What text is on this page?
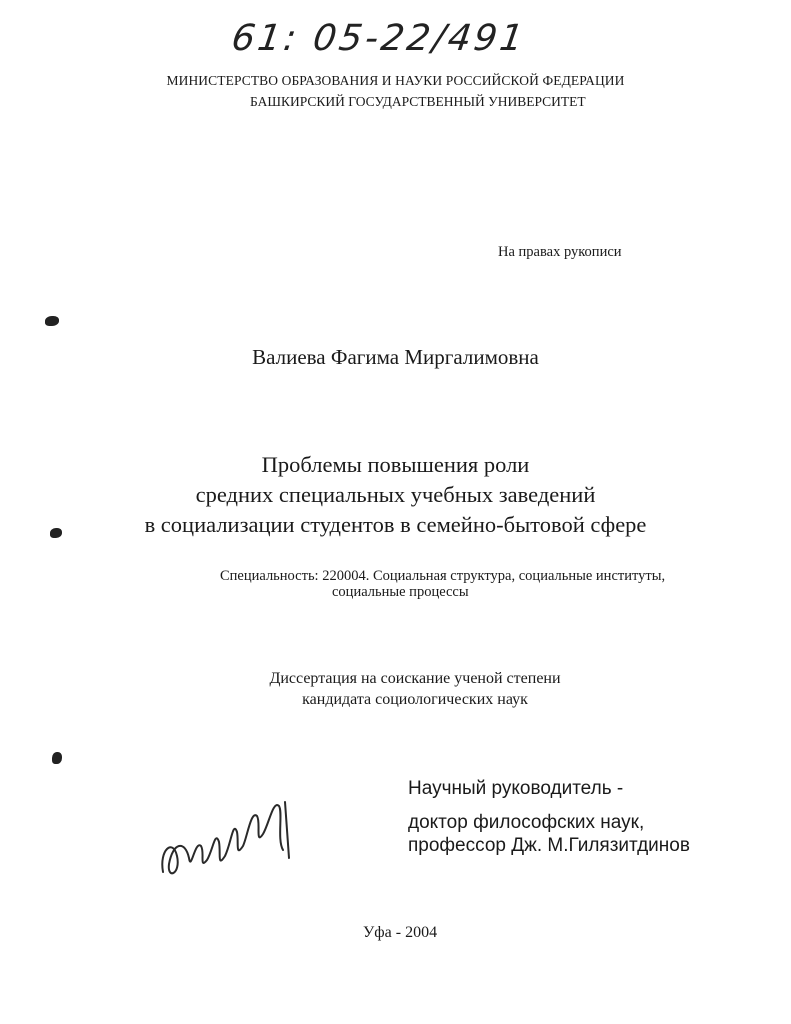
61: 05-22/491
МИНИСТЕРСТВО ОБРАЗОВАНИЯ И НАУКИ РОССИЙСКОЙ ФЕДЕРАЦИИ
БАШКИРСКИЙ ГОСУДАРСТВЕННЫЙ УНИВЕРСИТЕТ
На правах рукописи
Валиева Фагима Миргалимовна
Проблемы повышения роли
средних специальных учебных заведений
в социализации студентов в семейно-бытовой сфере
Специальность: 220004. Социальная структура, социальные институты,
социальные процессы
Диссертация на соискание ученой степени
кандидата социологических наук
Научный руководитель -
доктор философских наук,
профессор Дж. М.Гилязитдинов
Уфа - 2004
